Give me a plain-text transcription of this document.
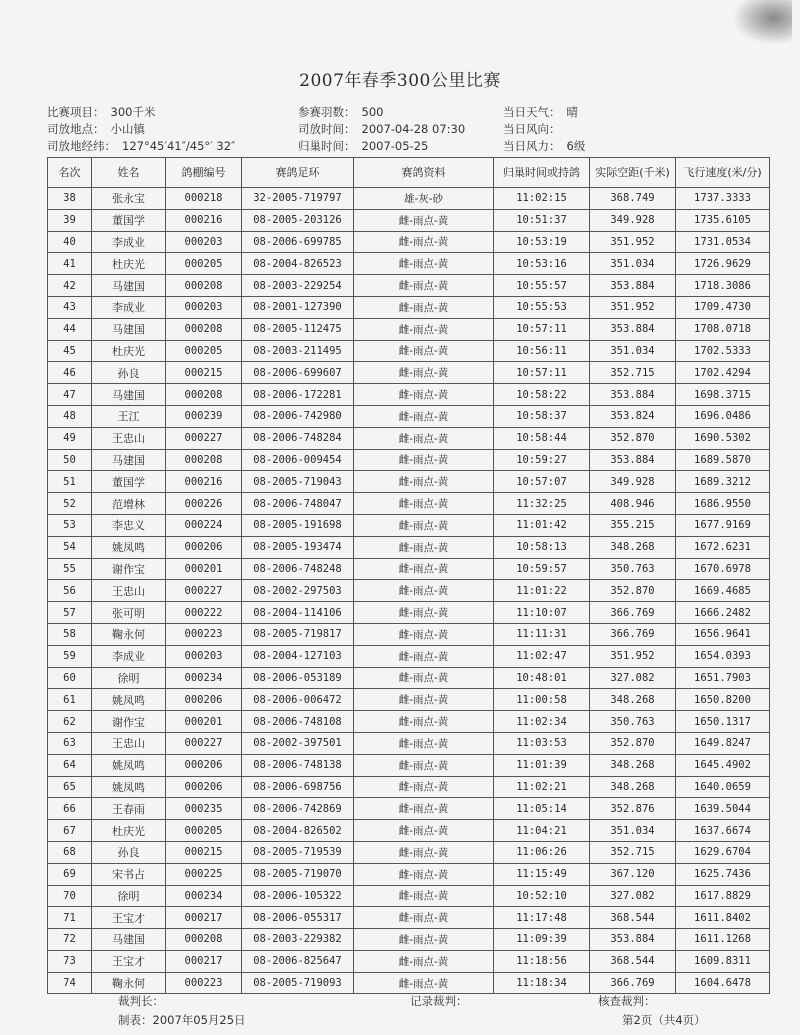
2007年春季300公里比赛
比赛项目： 300千米	参赛羽数： 500	当日天气： 晴
司放地点： 小山镇	司放时间： 2007-04-28 07:30	当日风向：
司放地经纬： 127°45′41″/45°′ 32″	归巢时间： 2007-05-25	当日风力： 6级
名次	姓名	鸽棚编号	赛鸽足环	赛鸽资料	归巢时间或持鸽	实际空距(千米)	飞行速度(米/分)
38	张永宝	000218	32-2005-719797	雄-灰-砂	11:02:15	368.749	1737.3333
39	董国学	000216	08-2005-203126	雌-雨点-黄	10:51:37	349.928	1735.6105
40	李成业	000203	08-2006-699785	雌-雨点-黄	10:53:19	351.952	1731.0534
41	杜庆光	000205	08-2004-826523	雌-雨点-黄	10:53:16	351.034	1726.9629
42	马建国	000208	08-2003-229254	雌-雨点-黄	10:55:57	353.884	1718.3086
43	李成业	000203	08-2001-127390	雌-雨点-黄	10:55:53	351.952	1709.4730
44	马建国	000208	08-2005-112475	雌-雨点-黄	10:57:11	353.884	1708.0718
45	杜庆光	000205	08-2003-211495	雌-雨点-黄	10:56:11	351.034	1702.5333
46	孙良	000215	08-2006-699607	雌-雨点-黄	10:57:11	352.715	1702.4294
47	马建国	000208	08-2006-172281	雌-雨点-黄	10:58:22	353.884	1698.3715
48	王江	000239	08-2006-742980	雌-雨点-黄	10:58:37	353.824	1696.0486
49	王忠山	000227	08-2006-748284	雌-雨点-黄	10:58:44	352.870	1690.5302
50	马建国	000208	08-2006-009454	雌-雨点-黄	10:59:27	353.884	1689.5870
51	董国学	000216	08-2005-719043	雌-雨点-黄	10:57:07	349.928	1689.3212
52	范增林	000226	08-2006-748047	雌-雨点-黄	11:32:25	408.946	1686.9550
53	李忠义	000224	08-2005-191698	雌-雨点-黄	11:01:42	355.215	1677.9169
54	姚凤鸣	000206	08-2005-193474	雌-雨点-黄	10:58:13	348.268	1672.6231
55	谢作宝	000201	08-2006-748248	雌-雨点-黄	10:59:57	350.763	1670.6978
56	王忠山	000227	08-2002-297503	雌-雨点-黄	11:01:22	352.870	1669.4685
57	张可明	000222	08-2004-114106	雌-雨点-黄	11:10:07	366.769	1666.2482
58	鞠永何	000223	08-2005-719817	雌-雨点-黄	11:11:31	366.769	1656.9641
59	李成业	000203	08-2004-127103	雌-雨点-黄	11:02:47	351.952	1654.0393
60	徐明	000234	08-2006-053189	雌-雨点-黄	10:48:01	327.082	1651.7903
61	姚凤鸣	000206	08-2006-006472	雌-雨点-黄	11:00:58	348.268	1650.8200
62	谢作宝	000201	08-2006-748108	雌-雨点-黄	11:02:34	350.763	1650.1317
63	王忠山	000227	08-2002-397501	雌-雨点-黄	11:03:53	352.870	1649.8247
64	姚凤鸣	000206	08-2006-748138	雌-雨点-黄	11:01:39	348.268	1645.4902
65	姚凤鸣	000206	08-2006-698756	雌-雨点-黄	11:02:21	348.268	1640.0659
66	王春雨	000235	08-2006-742869	雌-雨点-黄	11:05:14	352.876	1639.5044
67	杜庆光	000205	08-2004-826502	雌-雨点-黄	11:04:21	351.034	1637.6674
68	孙良	000215	08-2005-719539	雌-雨点-黄	11:06:26	352.715	1629.6704
69	宋书占	000225	08-2005-719070	雌-雨点-黄	11:15:49	367.120	1625.7436
70	徐明	000234	08-2006-105322	雌-雨点-黄	10:52:10	327.082	1617.8829
71	王宝才	000217	08-2006-055317	雌-雨点-黄	11:17:48	368.544	1611.8402
72	马建国	000208	08-2003-229382	雌-雨点-黄	11:09:39	353.884	1611.1268
73	王宝才	000217	08-2006-825647	雌-雨点-黄	11:18:56	368.544	1609.8311
74	鞠永何	000223	08-2005-719093	雌-雨点-黄	11:18:34	366.769	1604.6478
裁判长：	记录裁判：	核查裁判：
制表：2007年05月25日	第2页（共4页）
